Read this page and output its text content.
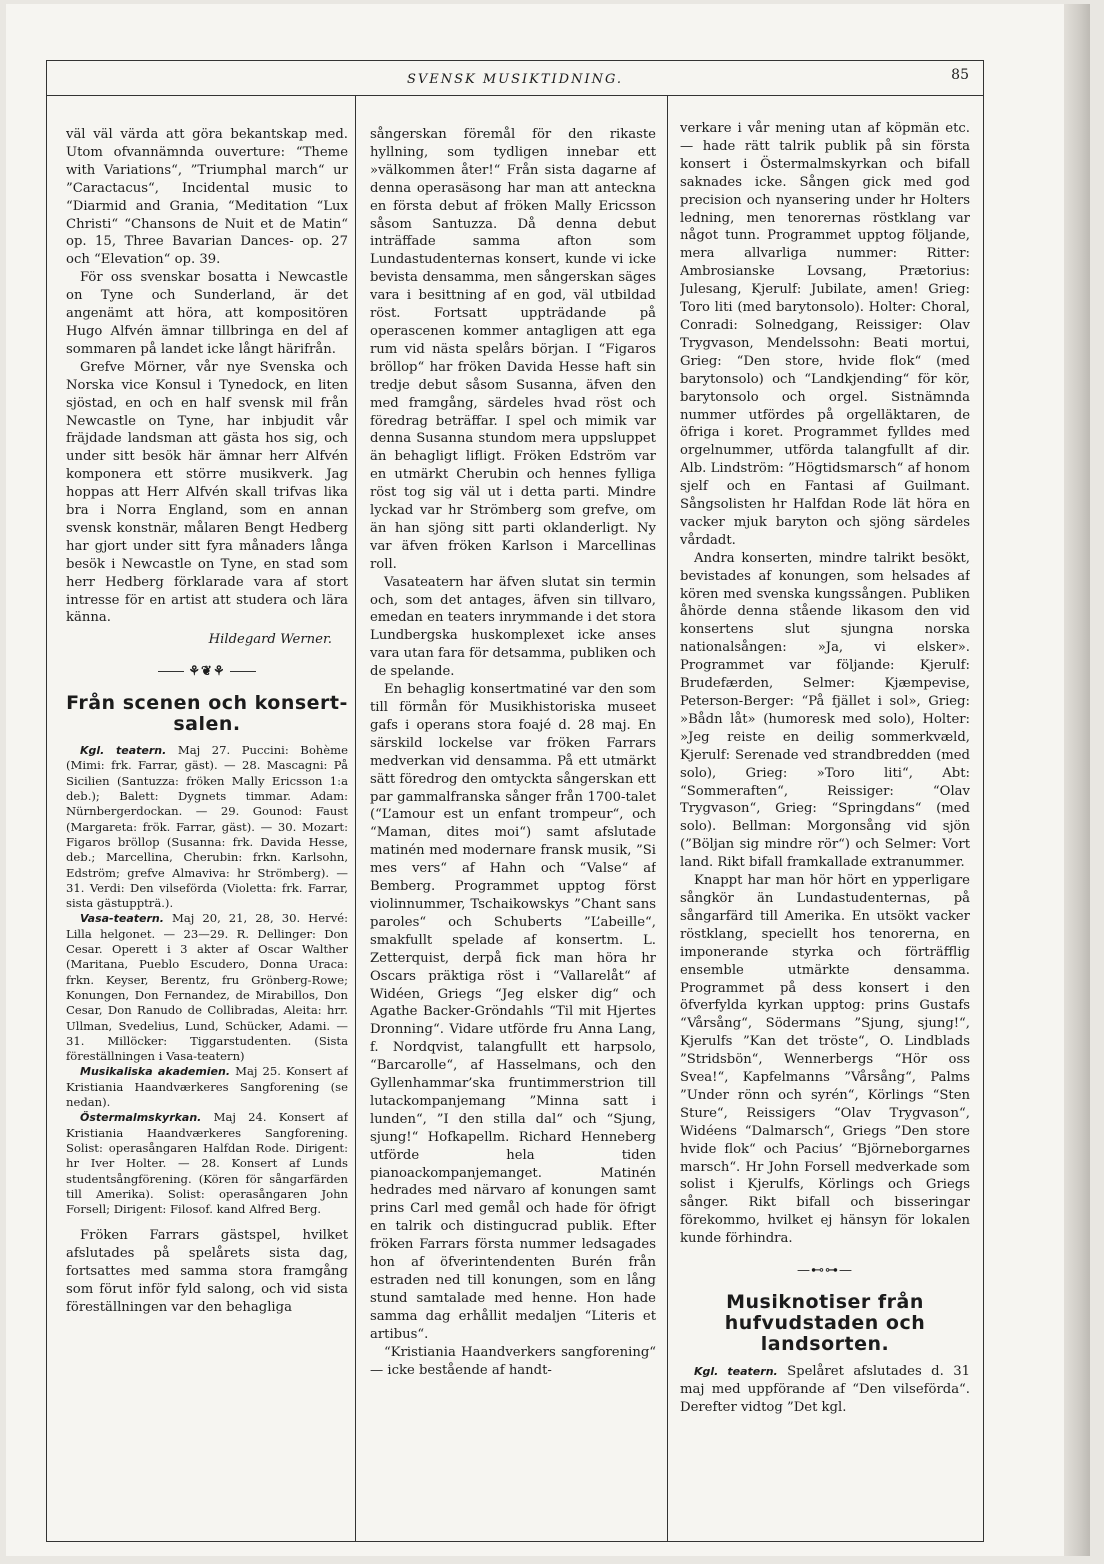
SVENSK MUSIKTIDNING.	85

väl väl värda att göra bekantskap med. Utom ofvannämnda ouverture: “Theme with Variations“, ”Triumphal march“ ur ”Caractacus“, Incidental music to “Diarmid and Grania, “Meditation “Lux Christi“ “Chansons de Nuit et de Matin“ op. 15, Three Bavarian Dances- op. 27 och “Elevation“ op. 39.

För oss svenskar bosatta i Newcastle on Tyne och Sunderland, är det angenämt att höra, att kompositören Hugo Alfvén ämnar tillbringa en del af sommaren på landet icke långt härifrån.

Grefve Mörner, vår nye Svenska och Norska vice Konsul i Tynedock, en liten sjöstad, en och en half svensk mil från Newcastle on Tyne, har inbjudit vår fräjdade landsman att gästa hos sig, och under sitt besök här ämnar herr Alfvén komponera ett större musikverk. Jag hoppas att Herr Alfvén skall trifvas lika bra i Norra England, som en annan svensk konstnär, målaren Bengt Hedberg har gjort under sitt fyra månaders långa besök i Newcastle on Tyne, en stad som herr Hedberg förklarade vara af stort intresse för en artist att studera och lära känna.

Hildegard Werner.
⚘❦⚘
Från scenen och konsert-salen.

Kgl. teatern. Maj 27. Puccini: Bohème (Mimi: frk. Farrar, gäst). — 28. Mascagni: På Sicilien (Santuzza: fröken Mally Ericsson 1:a deb.); Balett: Dygnets timmar. Adam: Nürnbergerdockan. — 29. Gounod: Faust (Margareta: frök. Farrar, gäst). — 30. Mozart: Figaros bröllop (Susanna: frk. Davida Hesse, deb.; Marcellina, Cherubin: frkn. Karlsohn, Edström; grefve Almaviva: hr Strömberg). — 31. Verdi: Den vilseförda (Violetta: frk. Farrar, sista gästuppträ.).

Vasa-teatern. Maj 20, 21, 28, 30. Hervé: Lilla helgonet. — 23—29. R. Dellinger: Don Cesar. Operett i 3 akter af Oscar Walther (Maritana, Pueblo Escudero, Donna Uraca: frkn. Keyser, Berentz, fru Grönberg-Rowe; Konungen, Don Fernandez, de Mirabillos, Don Cesar, Don Ranudo de Collibradas, Aleita: hrr. Ullman, Svedelius, Lund, Schücker, Adami. — 31. Millöcker: Tiggarstudenten. (Sista föreställningen i Vasa-teatern)

Musikaliska akademien. Maj 25. Konsert af Kristiania Haandværkeres Sangforening (se nedan).

Östermalmskyrkan. Maj 24. Konsert af Kristiania Haandværkeres Sangforening. Solist: operasångaren Halfdan Rode. Dirigent: hr Iver Holter. — 28. Konsert af Lunds studentsångförening. (Kören för sångarfärden till Amerika). Solist: operasångaren John Forsell; Dirigent: Filosof. kand Alfred Berg.

Fröken Farrars gästspel, hvilket afslutades på spelårets sista dag, fortsattes med samma stora framgång som förut inför fyld salong, och vid sista föreställningen var den behagliga

sångerskan föremål för den rikaste hyllning, som tydligen innebar ett »välkommen åter!“ Från sista dagarne af denna operasäsong har man att anteckna en första debut af fröken Mally Ericsson såsom Santuzza. Då denna debut inträffade samma afton som Lundastudenternas konsert, kunde vi icke bevista densamma, men sångerskan säges vara i besittning af en god, väl utbildad röst. Fortsatt uppträdande på operascenen kommer antagligen att ega rum vid nästa spelårs början. I “Figaros bröllop“ har fröken Davida Hesse haft sin tredje debut såsom Susanna, äfven den med framgång, särdeles hvad röst och föredrag beträffar. I spel och mimik var denna Susanna stundom mera uppsluppet än behagligt lifligt. Fröken Edström var en utmärkt Cherubin och hennes fylliga röst tog sig väl ut i detta parti. Mindre lyckad var hr Strömberg som grefve, om än han sjöng sitt parti oklanderligt. Ny var äfven fröken Karlson i Marcellinas roll.

Vasateatern har äfven slutat sin termin och, som det antages, äfven sin tillvaro, emedan en teaters inrymmande i det stora Lundbergska huskomplexet icke anses vara utan fara för detsamma, publiken och de spelande.

En behaglig konsertmatiné var den som till förmån för Musikhistoriska museet gafs i operans stora foajé d. 28 maj. En särskild lockelse var fröken Farrars medverkan vid densamma. På ett utmärkt sätt föredrog den omtyckta sångerskan ett par gammalfranska sånger från 1700-talet (“L’amour est un enfant trompeur“, och “Maman, dites moi“) samt afslutade matinén med modernare fransk musik, ”Si mes vers“ af Hahn och “Valse“ af Bemberg. Programmet upptog först violinnummer, Tschaikowskys ”Chant sans paroles“ och Schuberts ”L’abeille“, smakfullt spelade af konsertm. L. Zetterquist, derpå fick man höra hr Oscars präktiga röst i “Vallarelåt“ af Widéen, Griegs “Jeg elsker dig“ och Agathe Backer-Gröndahls “Til mit Hjertes Dronning“. Vidare utförde fru Anna Lang, f. Nordqvist, talangfullt ett harpsolo, “Barcarolle“, af Hasselmans, och den Gyllenhammar’ska fruntimmerstrion till lutackompanjemang ”Minna satt i lunden“, ”I den stilla dal“ och “Sjung, sjung!“ Hofkapellm. Richard Henneberg utförde hela tiden pianoackompanjemanget. Matinén hedrades med närvaro af konungen samt prins Carl med gemål och hade för öfrigt en talrik och distingucrad publik. Efter fröken Farrars första nummer ledsagades hon af öfverintendenten Burén från estraden ned till konungen, som en lång stund samtalade med henne. Hon hade samma dag erhållit medaljen “Literis et artibus“.

“Kristiania Haandverkers sangforening“ — icke bestående af handt-

verkare i vår mening utan af köpmän etc. — hade rätt talrik publik på sin första konsert i Östermalmskyrkan och bifall saknades icke. Sången gick med god precision och nyansering under hr Holters ledning, men tenorernas röstklang var något tunn. Programmet upptog följande, mera allvarliga nummer: Ritter: Ambrosianske Lovsang, Prætorius: Julesang, Kjerulf: Jubilate, amen! Grieg: Toro liti (med barytonsolo). Holter: Choral, Conradi: Solnedgang, Reissiger: Olav Trygvason, Mendelssohn: Beati mortui, Grieg: “Den store, hvide flok“ (med barytonsolo) och “Landkjending“ för kör, barytonsolo och orgel. Sistnämnda nummer utfördes på orgelläktaren, de öfriga i koret. Programmet fylldes med orgelnummer, utförda talangfullt af dir. Alb. Lindström: ”Högtidsmarsch“ af honom sjelf och en Fantasi af Guilmant. Sångsolisten hr Halfdan Rode lät höra en vacker mjuk baryton och sjöng särdeles vårdadt.

Andra konserten, mindre talrikt besökt, bevistades af konungen, som helsades af kören med svenska kungssången. Publiken åhörde denna stående likasom den vid konsertens slut sjungna norska nationalsången: »Ja, vi elsker». Programmet var följande: Kjerulf: Brudefærden, Selmer: Kjæmpevise, Peterson-Berger: “På fjället i sol», Grieg: »Bådn låt» (humoresk med solo), Holter: »Jeg reiste en deilig sommerkvæld, Kjerulf: Serenade ved strandbredden (med solo), Grieg: »Toro liti“, Abt: “Sommeraften“, Reissiger: “Olav Trygvason“, Grieg: “Springdans“ (med solo). Bellman: Morgonsång vid sjön (”Böljan sig mindre rör“) och Selmer: Vort land. Rikt bifall framkallade extranummer.

Knappt har man hör hört en ypperligare sångkör än Lundastudenternas, på sångarfärd till Amerika. En utsökt vacker röstklang, speciellt hos tenorerna, en imponerande styrka och förträfflig ensemble utmärkte densamma. Programmet på dess konsert i den öfverfylda kyrkan upptog: prins Gustafs “Vårsång“, Södermans ”Sjung, sjung!“, Kjerulfs ”Kan det tröste“, O. Lindblads ”Stridsbön“, Wennerbergs “Hör oss Svea!“, Kapfelmanns ”Vårsång“, Palms ”Under rönn och syrén“, Körlings “Sten Sture“, Reissigers “Olav Trygvason“, Widéens “Dalmarsch“, Griegs ”Den store hvide flok“ och Pacius’ “Björneborgarnes marsch“. Hr John Forsell medverkade som solist i Kjerulfs, Körlings och Griegs sånger. Rikt bifall och bisseringar förekommo, hvilket ej hänsyn för lokalen kunde förhindra.

—⊷⊶—
Musiknotiser från hufvudstaden och landsorten.

Kgl. teatern. Spelåret afslutades d. 31 maj med uppförande af “Den vilseförda“. Derefter vidtog ”Det kgl.
